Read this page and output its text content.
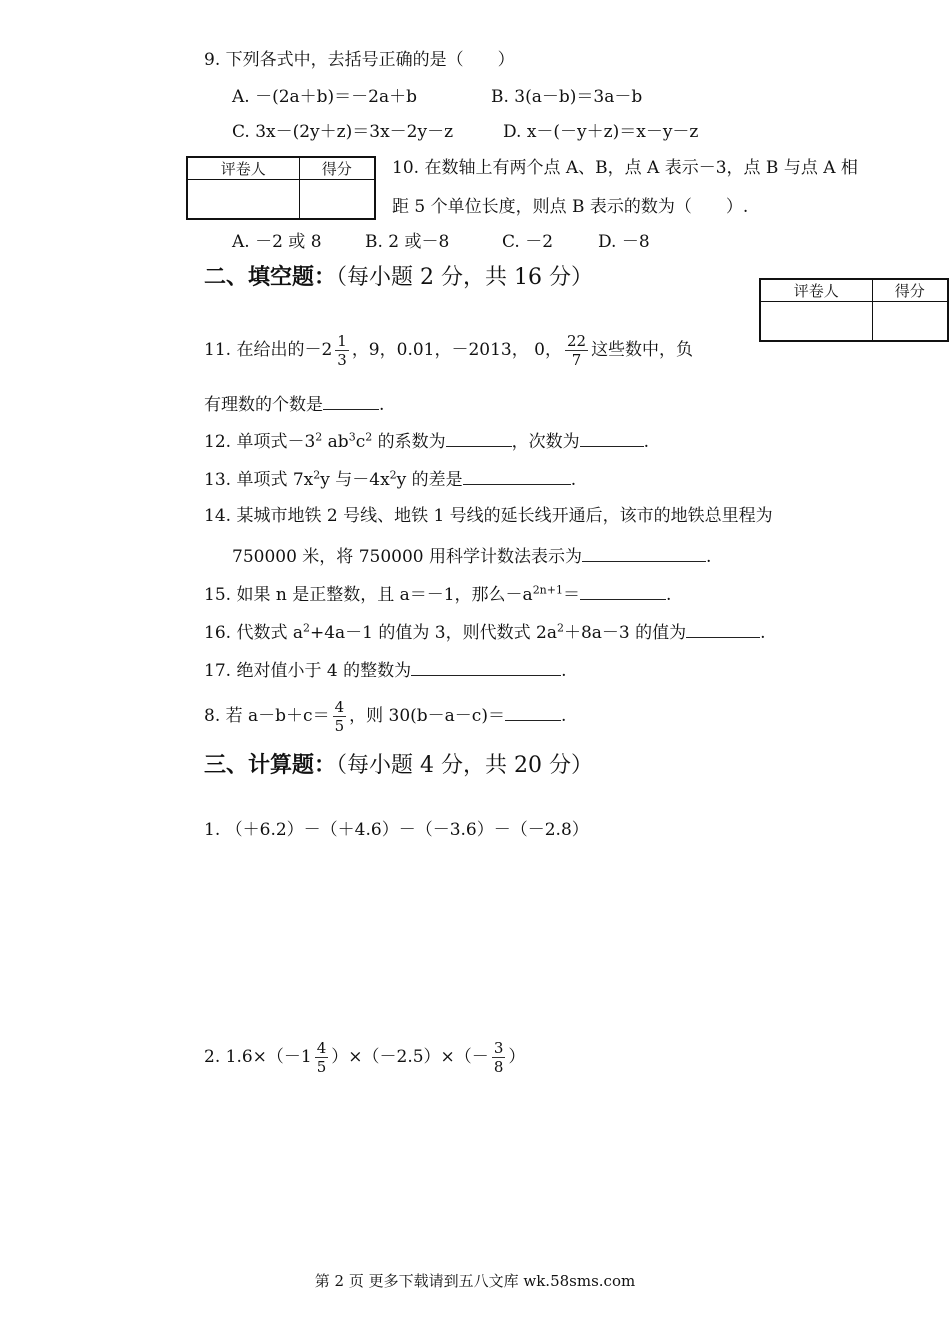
9. 下列各式中，去括号正确的是（　　）
A. －(2a＋b)＝－2a＋b	B. 3(a－b)＝3a－b
C. 3x－(2y＋z)＝3x－2y－z	D. x－(－y＋z)＝x－y－z
评卷人	得分
	10. 在数轴上有两个点 A、B，点 A 表示－3，点 B 与点 A 相
距 5 个单位长度，则点 B 表示的数为（　　）.
A. －2 或 8	B. 2 或－8	C. －2	D. －8
二、填空题：（每小题 2 分，共 16 分）
评卷人	得分

11. 在给出的$-2 \frac{1}{3}$ ，9，0.01，－2013， 0， $\frac{22}{7}$ 这些数中，负
有理数的个数是	.
12. 单项式$-3^2$ $ab^3c^2$ 的系数为	，次数为	.
13. 单项式 $7x^2y$ 与$-4x^2y$ 的差是	.
14. 某城市地铁 2 号线、地铁 1 号线的延长线开通后，该市的地铁总里程为
750000 米，将 750000 用科学计数法表示为	.
15. 如果 n 是正整数，且 a＝－1，那么$-a^{2n+1}=$	.
16. 代数式 $a^2+4a-1$ 的值为 3，则代数式 $2a^2+8a-3$ 的值为	.
17. 绝对值小于 4 的整数为	.
8. 若 $a-b+c= \frac{4}{5}$ ，则 30(b－a－c)＝	.
三、计算题：（每小题 4 分，共 20 分）
1. （＋6.2）－（＋4.6）－（－3.6）－（－2.8）
2. $1.6\times(-1 \frac{4}{5} )\times(-2.5)\times(- \frac{3}{8}$ ）
第 2 页 更多下载请到五八文库 wk.58sms.com
